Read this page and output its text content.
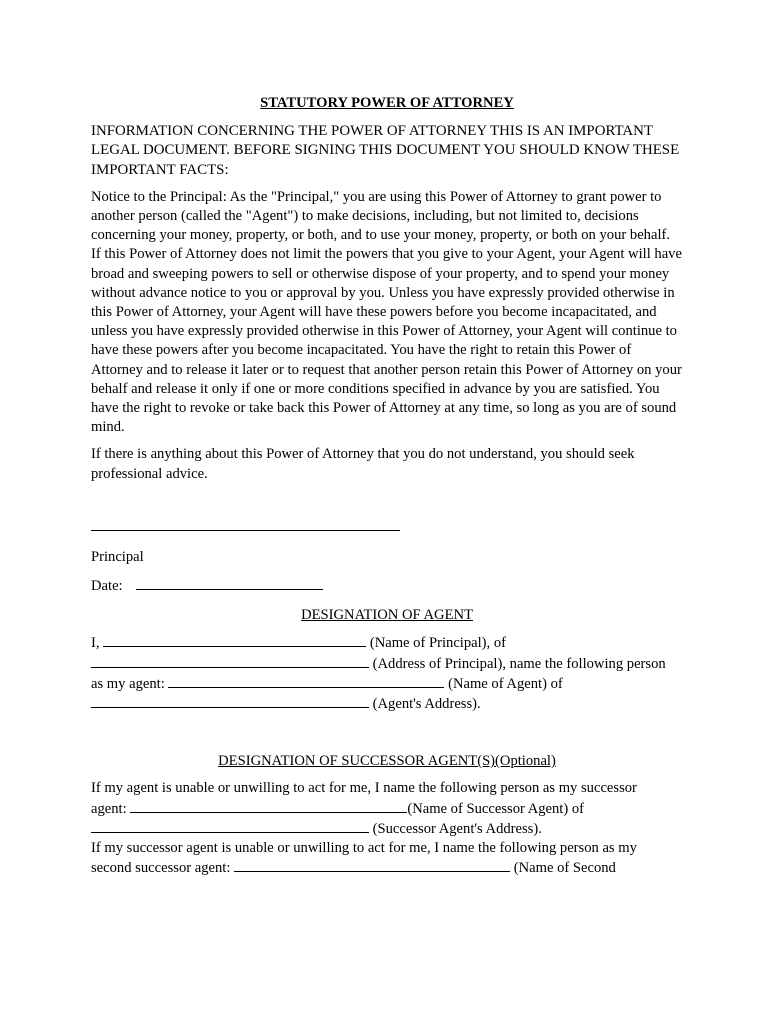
STATUTORY POWER OF ATTORNEY

INFORMATION CONCERNING THE POWER OF ATTORNEY THIS IS AN IMPORTANT LEGAL DOCUMENT. BEFORE SIGNING THIS DOCUMENT YOU SHOULD KNOW THESE IMPORTANT FACTS:

Notice to the Principal: As the "Principal," you are using this Power of Attorney to grant power to another person (called the "Agent") to make decisions, including, but not limited to, decisions concerning your money, property, or both, and to use your money, property, or both on your behalf. If this Power of Attorney does not limit the powers that you give to your Agent, your Agent will have broad and sweeping powers to sell or otherwise dispose of your property, and to spend your money without advance notice to you or approval by you. Unless you have expressly provided otherwise in this Power of Attorney, your Agent will have these powers before you become incapacitated, and unless you have expressly provided otherwise in this Power of Attorney, your Agent will continue to have these powers after you become incapacitated. You have the right to retain this Power of Attorney and to release it later or to request that another person retain this Power of Attorney on your behalf and release it only if one or more conditions specified in advance by you are satisfied. You have the right to revoke or take back this Power of Attorney at any time, so long as you are of sound mind.

If there is anything about this Power of Attorney that you do not understand, you should seek professional advice.

Principal
Date:
DESIGNATION OF AGENT

I,	(Name of Principal), of

(Address of Principal), name the following person

as my agent:	(Name of Agent) of

(Agent's Address).

DESIGNATION OF SUCCESSOR AGENT(S)(Optional)

If my agent is unable or unwilling to act for me, I name the following person as my successor

agent:	(Name of Successor Agent) of

(Successor Agent's Address).

If my successor agent is unable or unwilling to act for me, I name the following person as my

second successor agent:	(Name of Second
